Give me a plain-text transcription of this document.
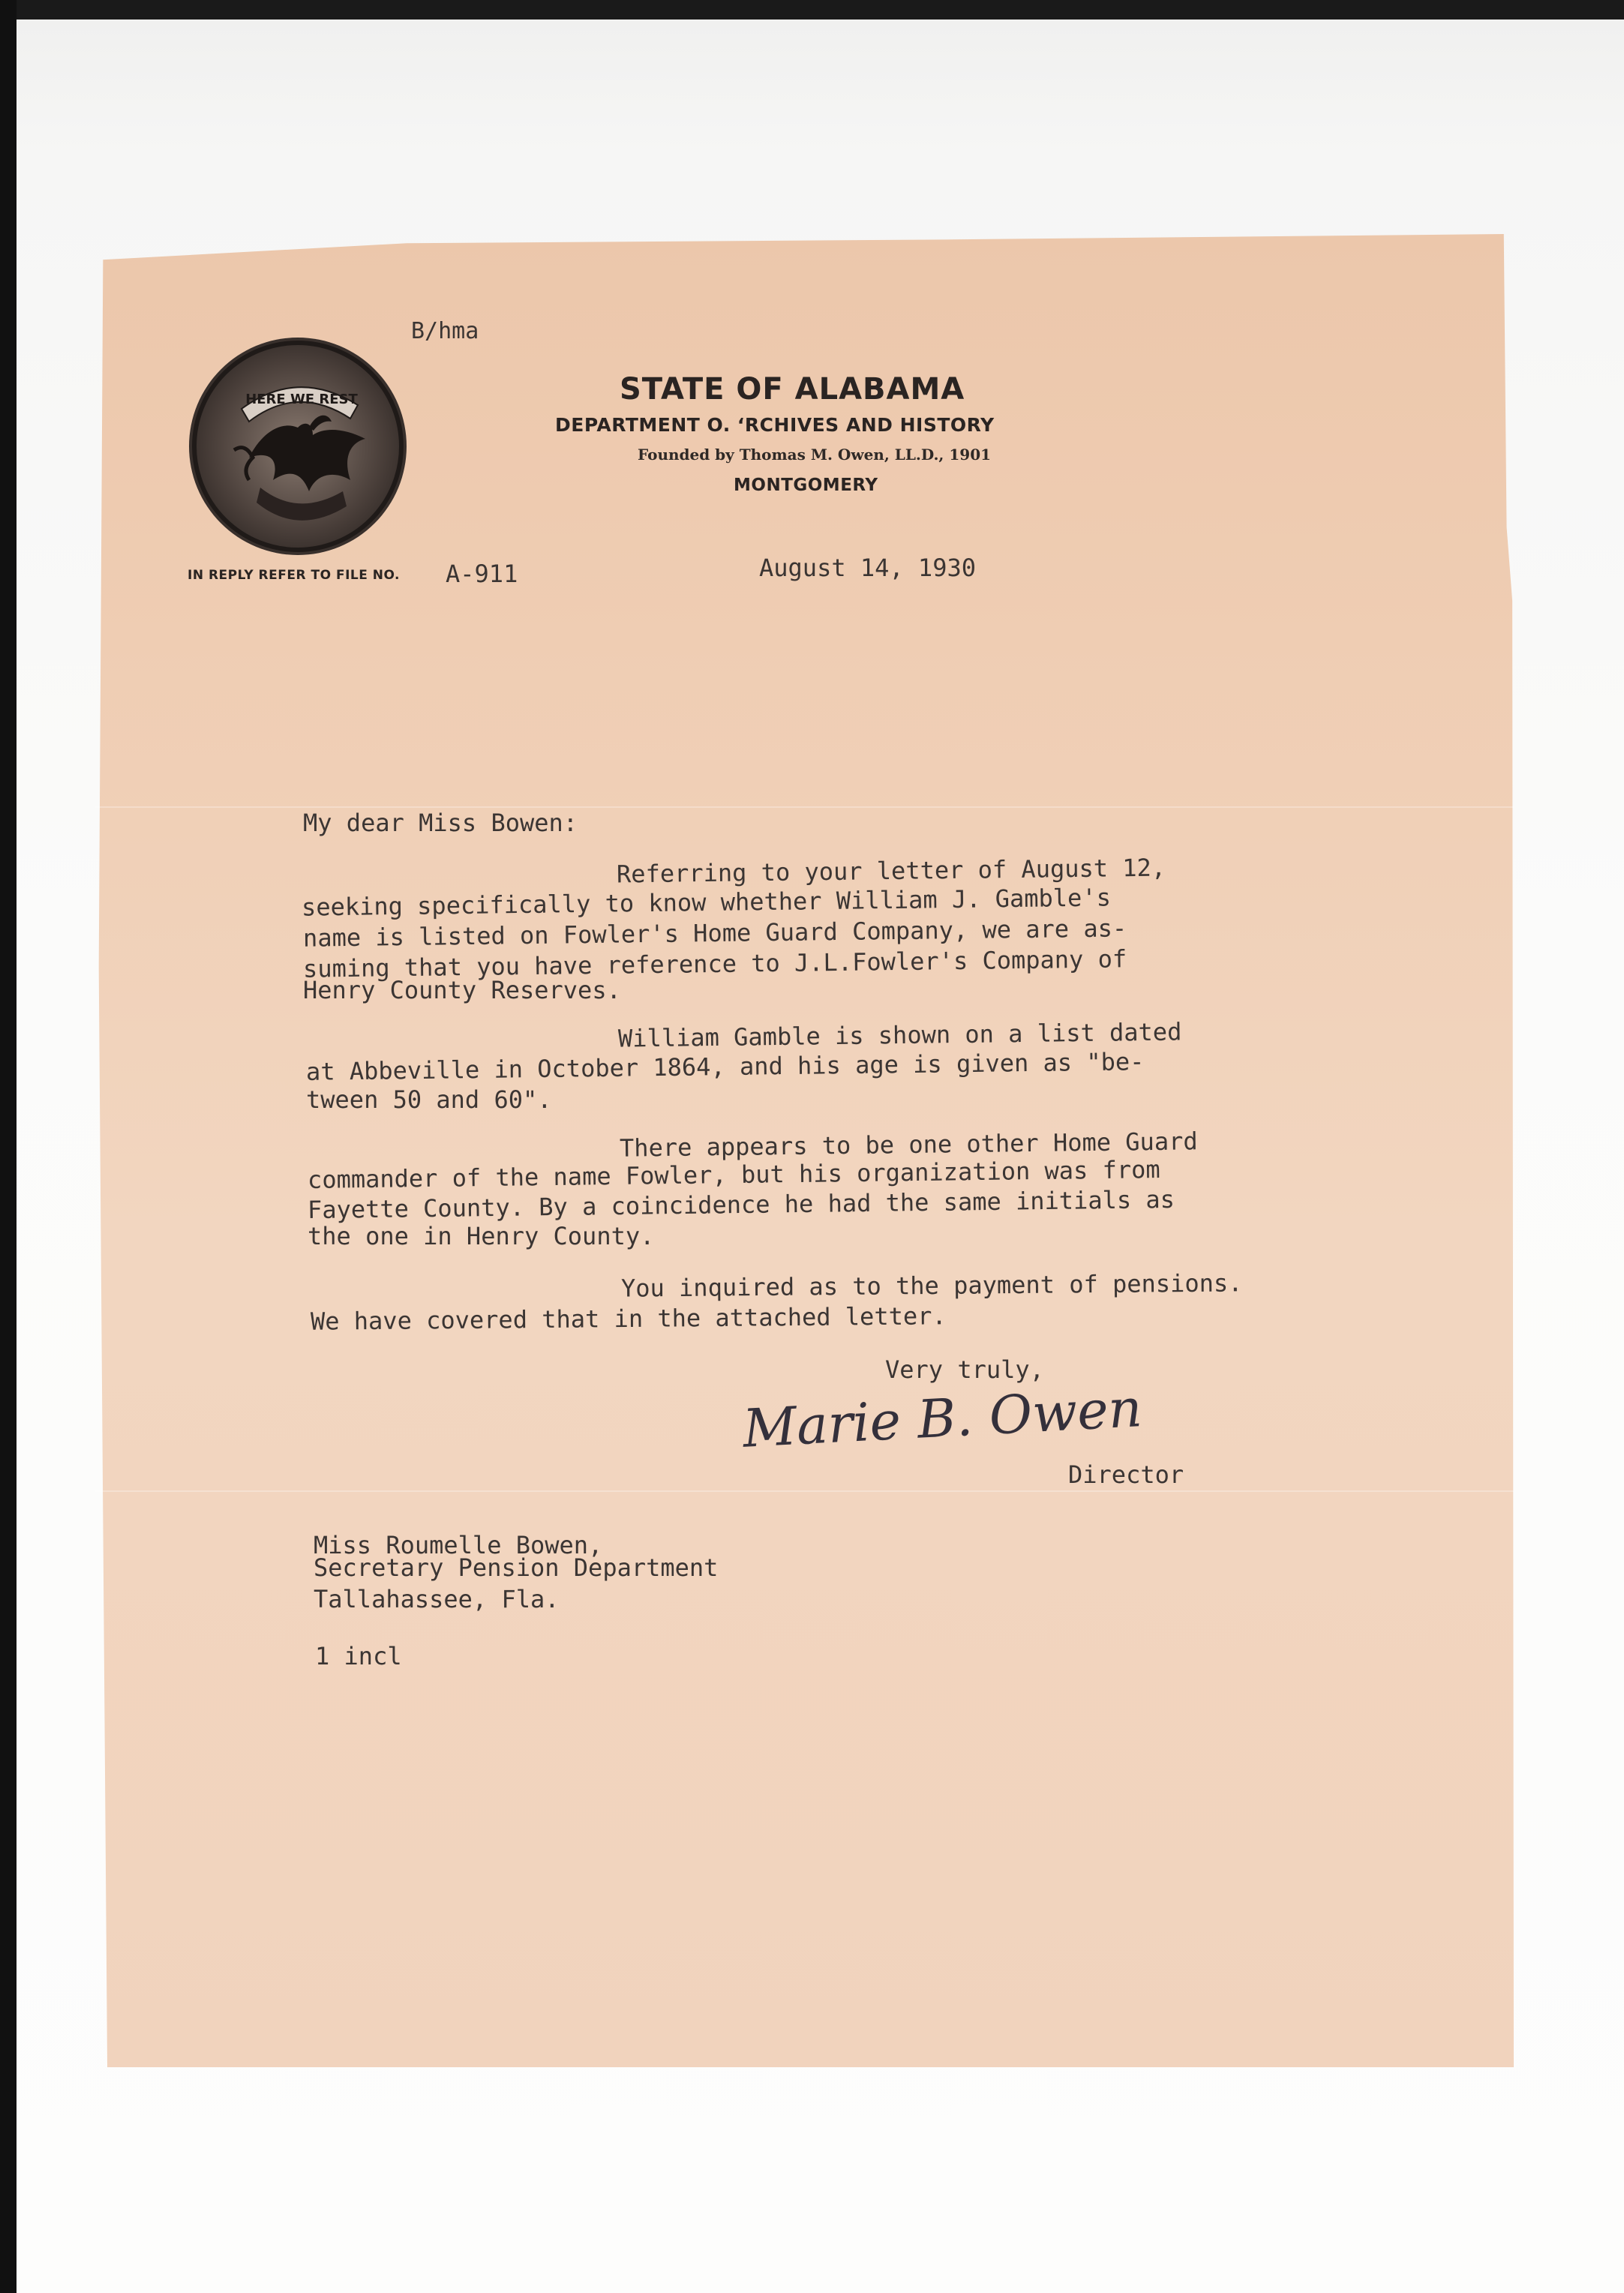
B/hma
HERE WE REST	STATE OF ALABAMA
DEPARTMENT O. ‘RCHIVES AND HISTORY
Founded by Thomas M. Owen, LL.D., 1901
MONTGOMERY
IN REPLY REFER TO FILE NO. A-911	August 14, 1930
My dear Miss Bowen:
Referring to your letter of August 12,
seeking specifically to know whether William J. Gamble's
name is listed on Fowler's Home Guard Company, we are as-
suming that you have reference to J.L.Fowler's Company of
Henry County Reserves.
William Gamble is shown on a list dated
at Abbeville in October 1864, and his age is given as "be-
tween 50 and 60".
There appears to be one other Home Guard
commander of the name Fowler, but his organization was from
Fayette County. By a coincidence he had the same initials as
the one in Henry County.
You inquired as to the payment of pensions.
We have covered that in the attached letter.
Very truly,
Marie B. Owen
Director
Miss Roumelle Bowen,
Secretary Pension Department
Tallahassee, Fla.
1 incl
